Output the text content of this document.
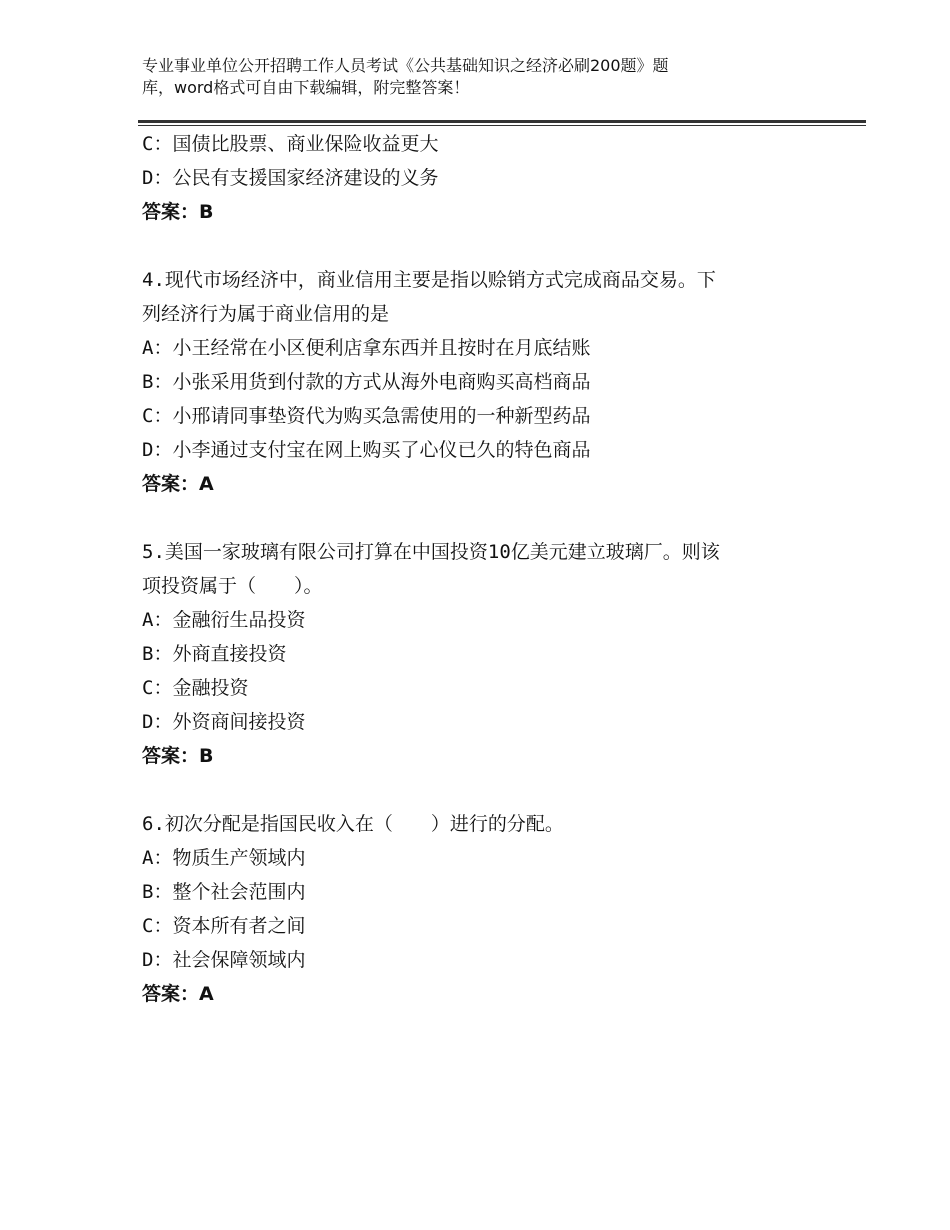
专业事业单位公开招聘工作人员考试《公共基础知识之经济必刷200题》题
库，word格式可自由下载编辑，附完整答案！
C：国债比股票、商业保险收益更大
D：公民有支援国家经济建设的义务
答案：B
4.现代市场经济中，商业信用主要是指以赊销方式完成商品交易。下
列经济行为属于商业信用的是
A：小王经常在小区便利店拿东西并且按时在月底结账
B：小张采用货到付款的方式从海外电商购买高档商品
C：小邢请同事垫资代为购买急需使用的一种新型药品
D：小李通过支付宝在网上购买了心仪已久的特色商品
答案：A
5.美国一家玻璃有限公司打算在中国投资10亿美元建立玻璃厂。则该
项投资属于（　　）。
A：金融衍生品投资
B：外商直接投资
C：金融投资
D：外资商间接投资
答案：B
6.初次分配是指国民收入在（　　）进行的分配。
A：物质生产领域内
B：整个社会范围内
C：资本所有者之间
D：社会保障领域内
答案：A
